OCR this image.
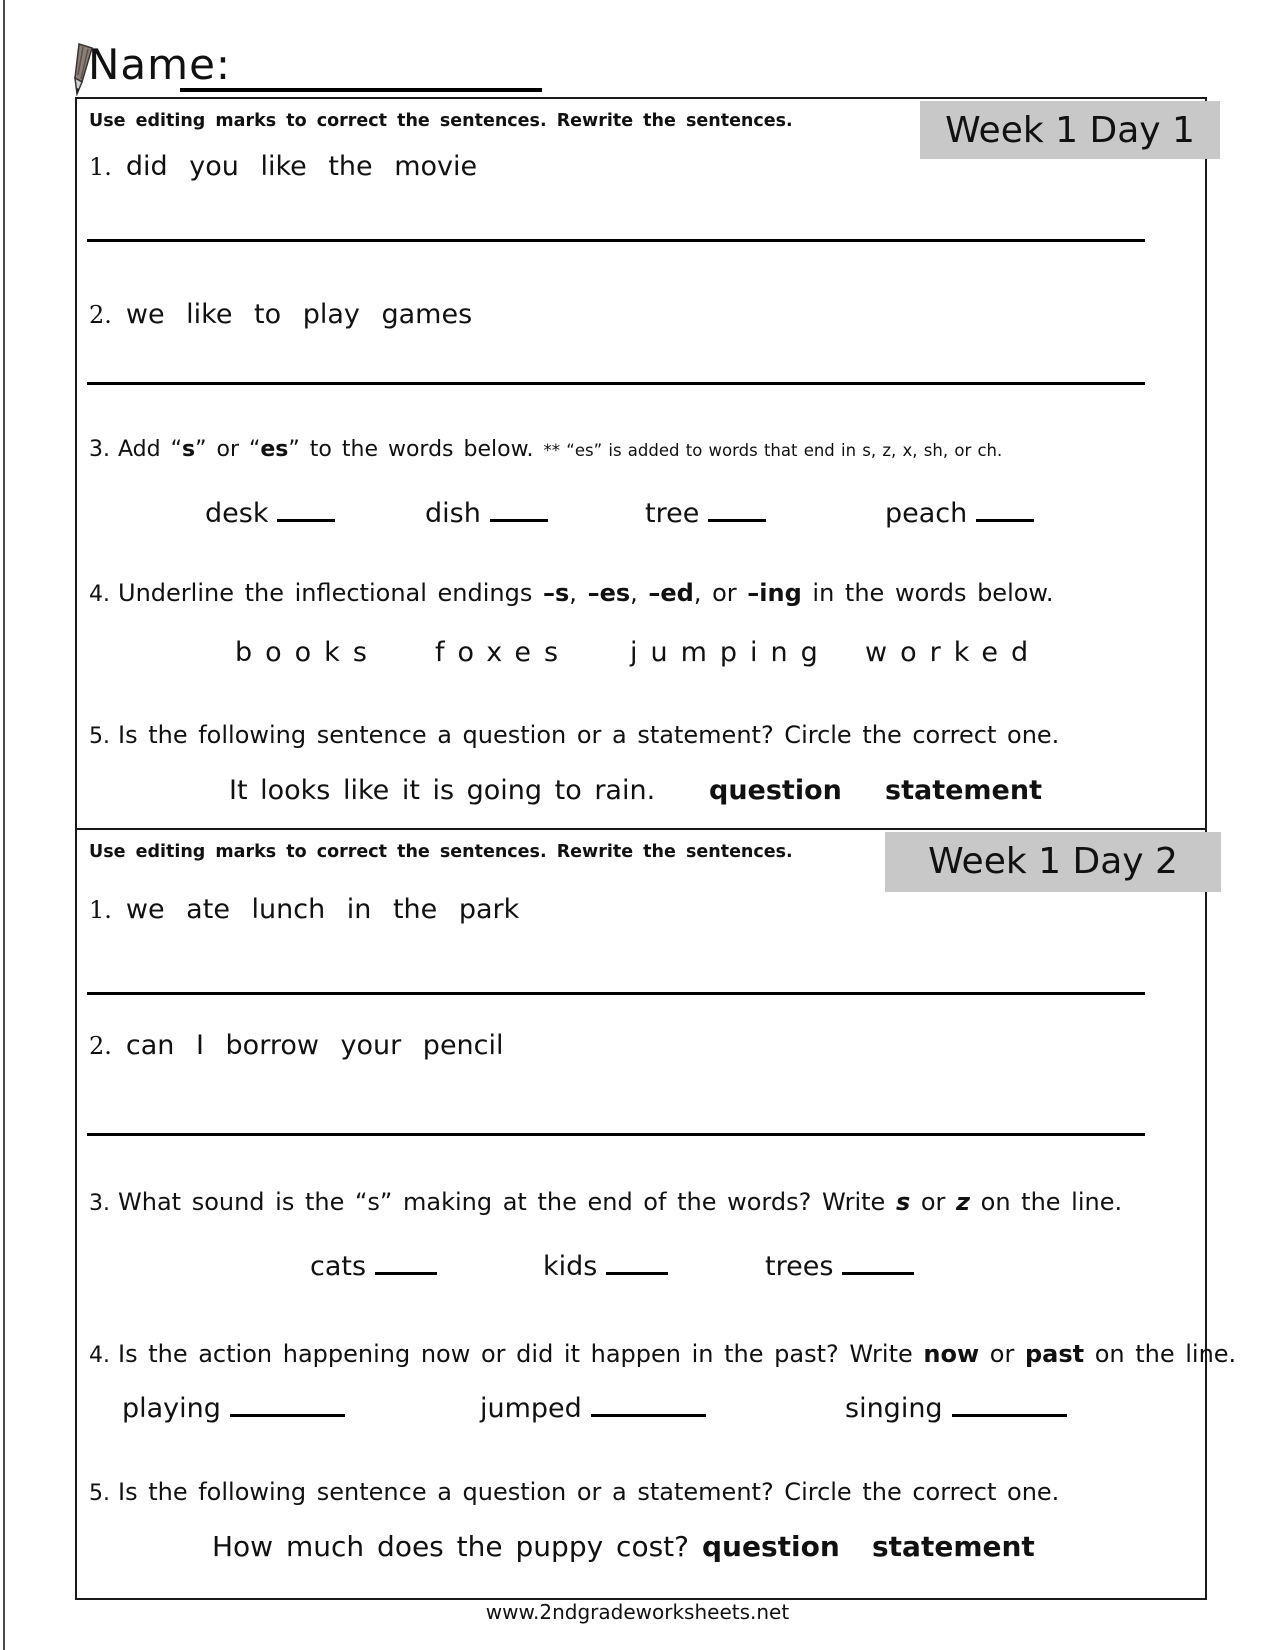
Name:
Use editing marks to correct the sentences. Rewrite the sentences.	Week 1 Day 1
1. did you like the movie
2. we like to play games
3. Add “s” or “es” to the words below. ** “es” is added to words that end in s, z, x, sh, or ch.
desk	dish	tree	peach
4. Underline the inflectional endings –s, –es, –ed, or –ing in the words below.
books foxes jumping worked
5. Is the following sentence a question or a statement? Circle the correct one.
It looks like it is going to rain. question statement
Use editing marks to correct the sentences. Rewrite the sentences.	Week 1 Day 2
1. we ate lunch in the park
2. can I borrow your pencil
3. What sound is the “s” making at the end of the words? Write s or z on the line.
cats	kids	trees
4. Is the action happening now or did it happen in the past? Write now or past on the line.
playing	jumped	singing
5. Is the following sentence a question or a statement? Circle the correct one.
How much does the puppy cost? question statement
www.2ndgradeworksheets.net
